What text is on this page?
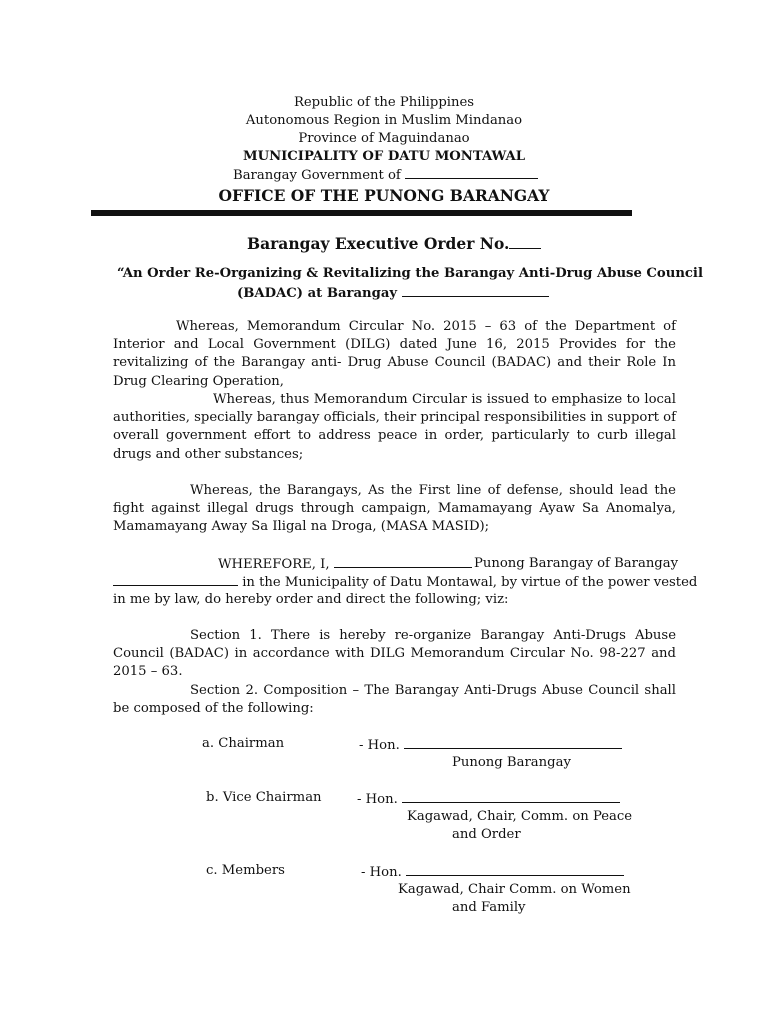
Republic of the Philippines
Autonomous Region in Muslim Mindanao
Province of Maguindanao
MUNICIPALITY OF DATU MONTAWAL
Barangay Government of
OFFICE OF THE PUNONG BARANGAY
Barangay Executive Order No.
“An Order Re-Organizing & Revitalizing the Barangay Anti-Drug Abuse Council
(BADAC) at Barangay
Whereas, Memorandum Circular No. 2015 – 63 of the Department of Interior and Local Government (DILG) dated June 16, 2015 Provides for the revitalizing of the Barangay anti- Drug Abuse Council (BADAC) and their Role In Drug Clearing Operation,
Whereas, thus Memorandum Circular is issued to emphasize to local authorities, specially barangay officials, their principal responsibilities in support of overall government effort to address peace in order, particularly to curb illegal drugs and other substances;
Whereas, the Barangays, As the First line of defense, should lead the fight against illegal drugs through campaign, Mamamayang Ayaw Sa Anomalya, Mamamayang Away Sa Iligal na Droga, (MASA MASID);
WHEREFORE, I,	Punong Barangay of Barangay
in the Municipality of Datu Montawal, by virtue of the power vested
in me by law, do hereby order and direct the following; viz:
Section 1. There is hereby re-organize Barangay Anti-Drugs Abuse Council (BADAC) in accordance with DILG Memorandum Circular No. 98-227 and 2015 – 63.
Section 2. Composition – The Barangay Anti-Drugs Abuse Council shall be composed of the following:
a. Chairman	- Hon.
Punong Barangay
b. Vice Chairman	- Hon.
Kagawad, Chair, Comm. on Peace
and Order
c. Members	- Hon.
Kagawad, Chair Comm. on Women
and Family
